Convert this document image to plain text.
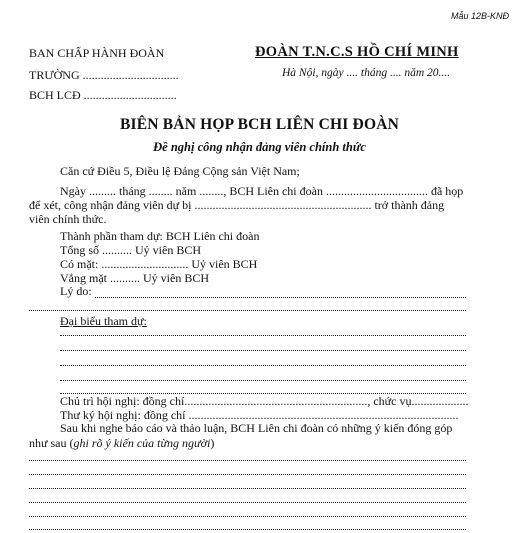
Mẫu 12B-KNĐ
BAN CHẤP HÀNH ĐOÀN
TRƯỜNG ................................
BCH LCĐ ...............................
ĐOÀN T.N.C.S HỒ CHÍ MINH
Hà Nội, ngày .... tháng .... năm 20....
BIÊN BẢN HỌP BCH LIÊN CHI ĐOÀN
Đề nghị công nhận đảng viên chính thức
Căn cứ Điều 5, Điều lệ Đảng Cộng sản Việt Nam;
Ngày ......... tháng ........ năm ........, BCH Liên chi đoàn .................................. đã họp
để xét, công nhận đảng viên dự bị ........................................................... trở thành đảng
viên chính thức.
Thành phần tham dự: BCH Liên chi đoàn
Tổng số .......... Uỷ viên BCH
Có mặt: ............................. Uỷ viên BCH
Vắng mặt .......... Uỷ viên BCH
Lý do:
Đại biểu tham dự:
Chủ trì hội nghị: đồng chí............................................................., chức vụ...................
Thư ký hội nghị: đồng chí ..........................................................................................
Sau khi nghe báo cáo và thảo luận, BCH Liên chi đoàn có những ý kiến đóng góp
như sau (ghi rõ ý kiến của từng người)
